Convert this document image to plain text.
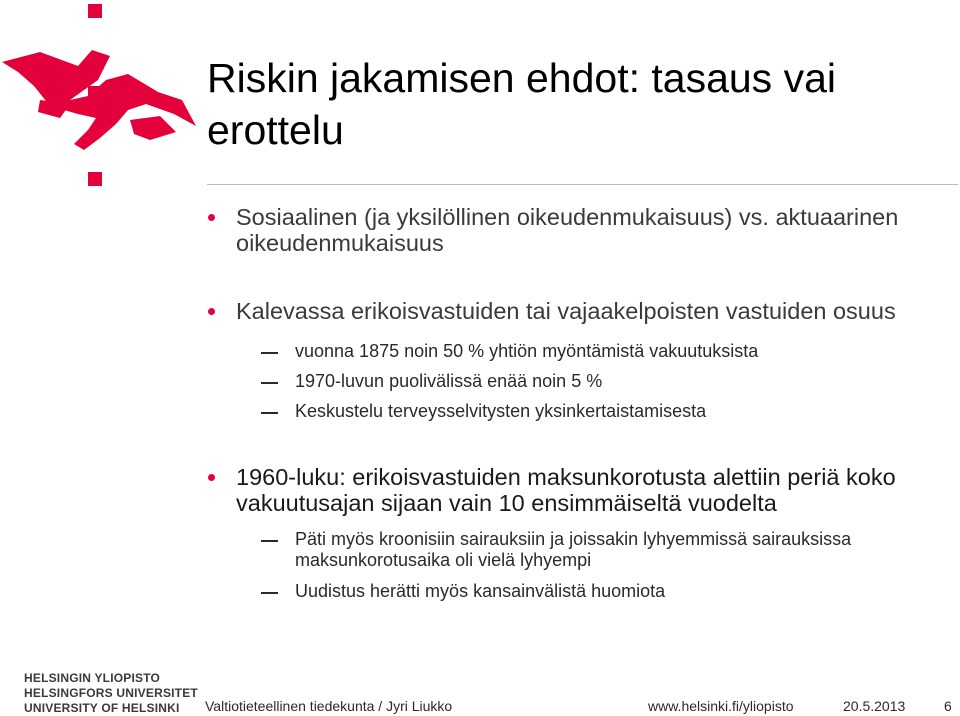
Riskin jakamisen ehdot: tasaus vai erottelu
Sosiaalinen (ja yksilöllinen oikeudenmukaisuus) vs. aktuaarinen oikeudenmukaisuus
Kalevassa erikoisvastuiden tai vajaakelpoisten vastuiden osuus
vuonna 1875 noin 50 % yhtiön myöntämistä vakuutuksista
1970-luvun puolivälissä enää noin 5 %
Keskustelu terveysselvitysten yksinkertaistamisesta
1960-luku: erikoisvastuiden maksunkorotusta alettiin periä koko vakuutusajan sijaan vain 10 ensimmäiseltä vuodelta
Päti myös kroonisiin sairauksiin ja joissakin lyhyemmissä sairauksissa maksunkorotusaika oli vielä lyhyempi
Uudistus herätti myös kansainvälistä huomiota
HELSINGIN YLIOPISTO
HELSINGFORS UNIVERSITET
UNIVERSITY OF HELSINKI	Valtiotieteellinen tiedekunta / Jyri Liukko	www.helsinki.fi/yliopisto	20.5.2013	6
